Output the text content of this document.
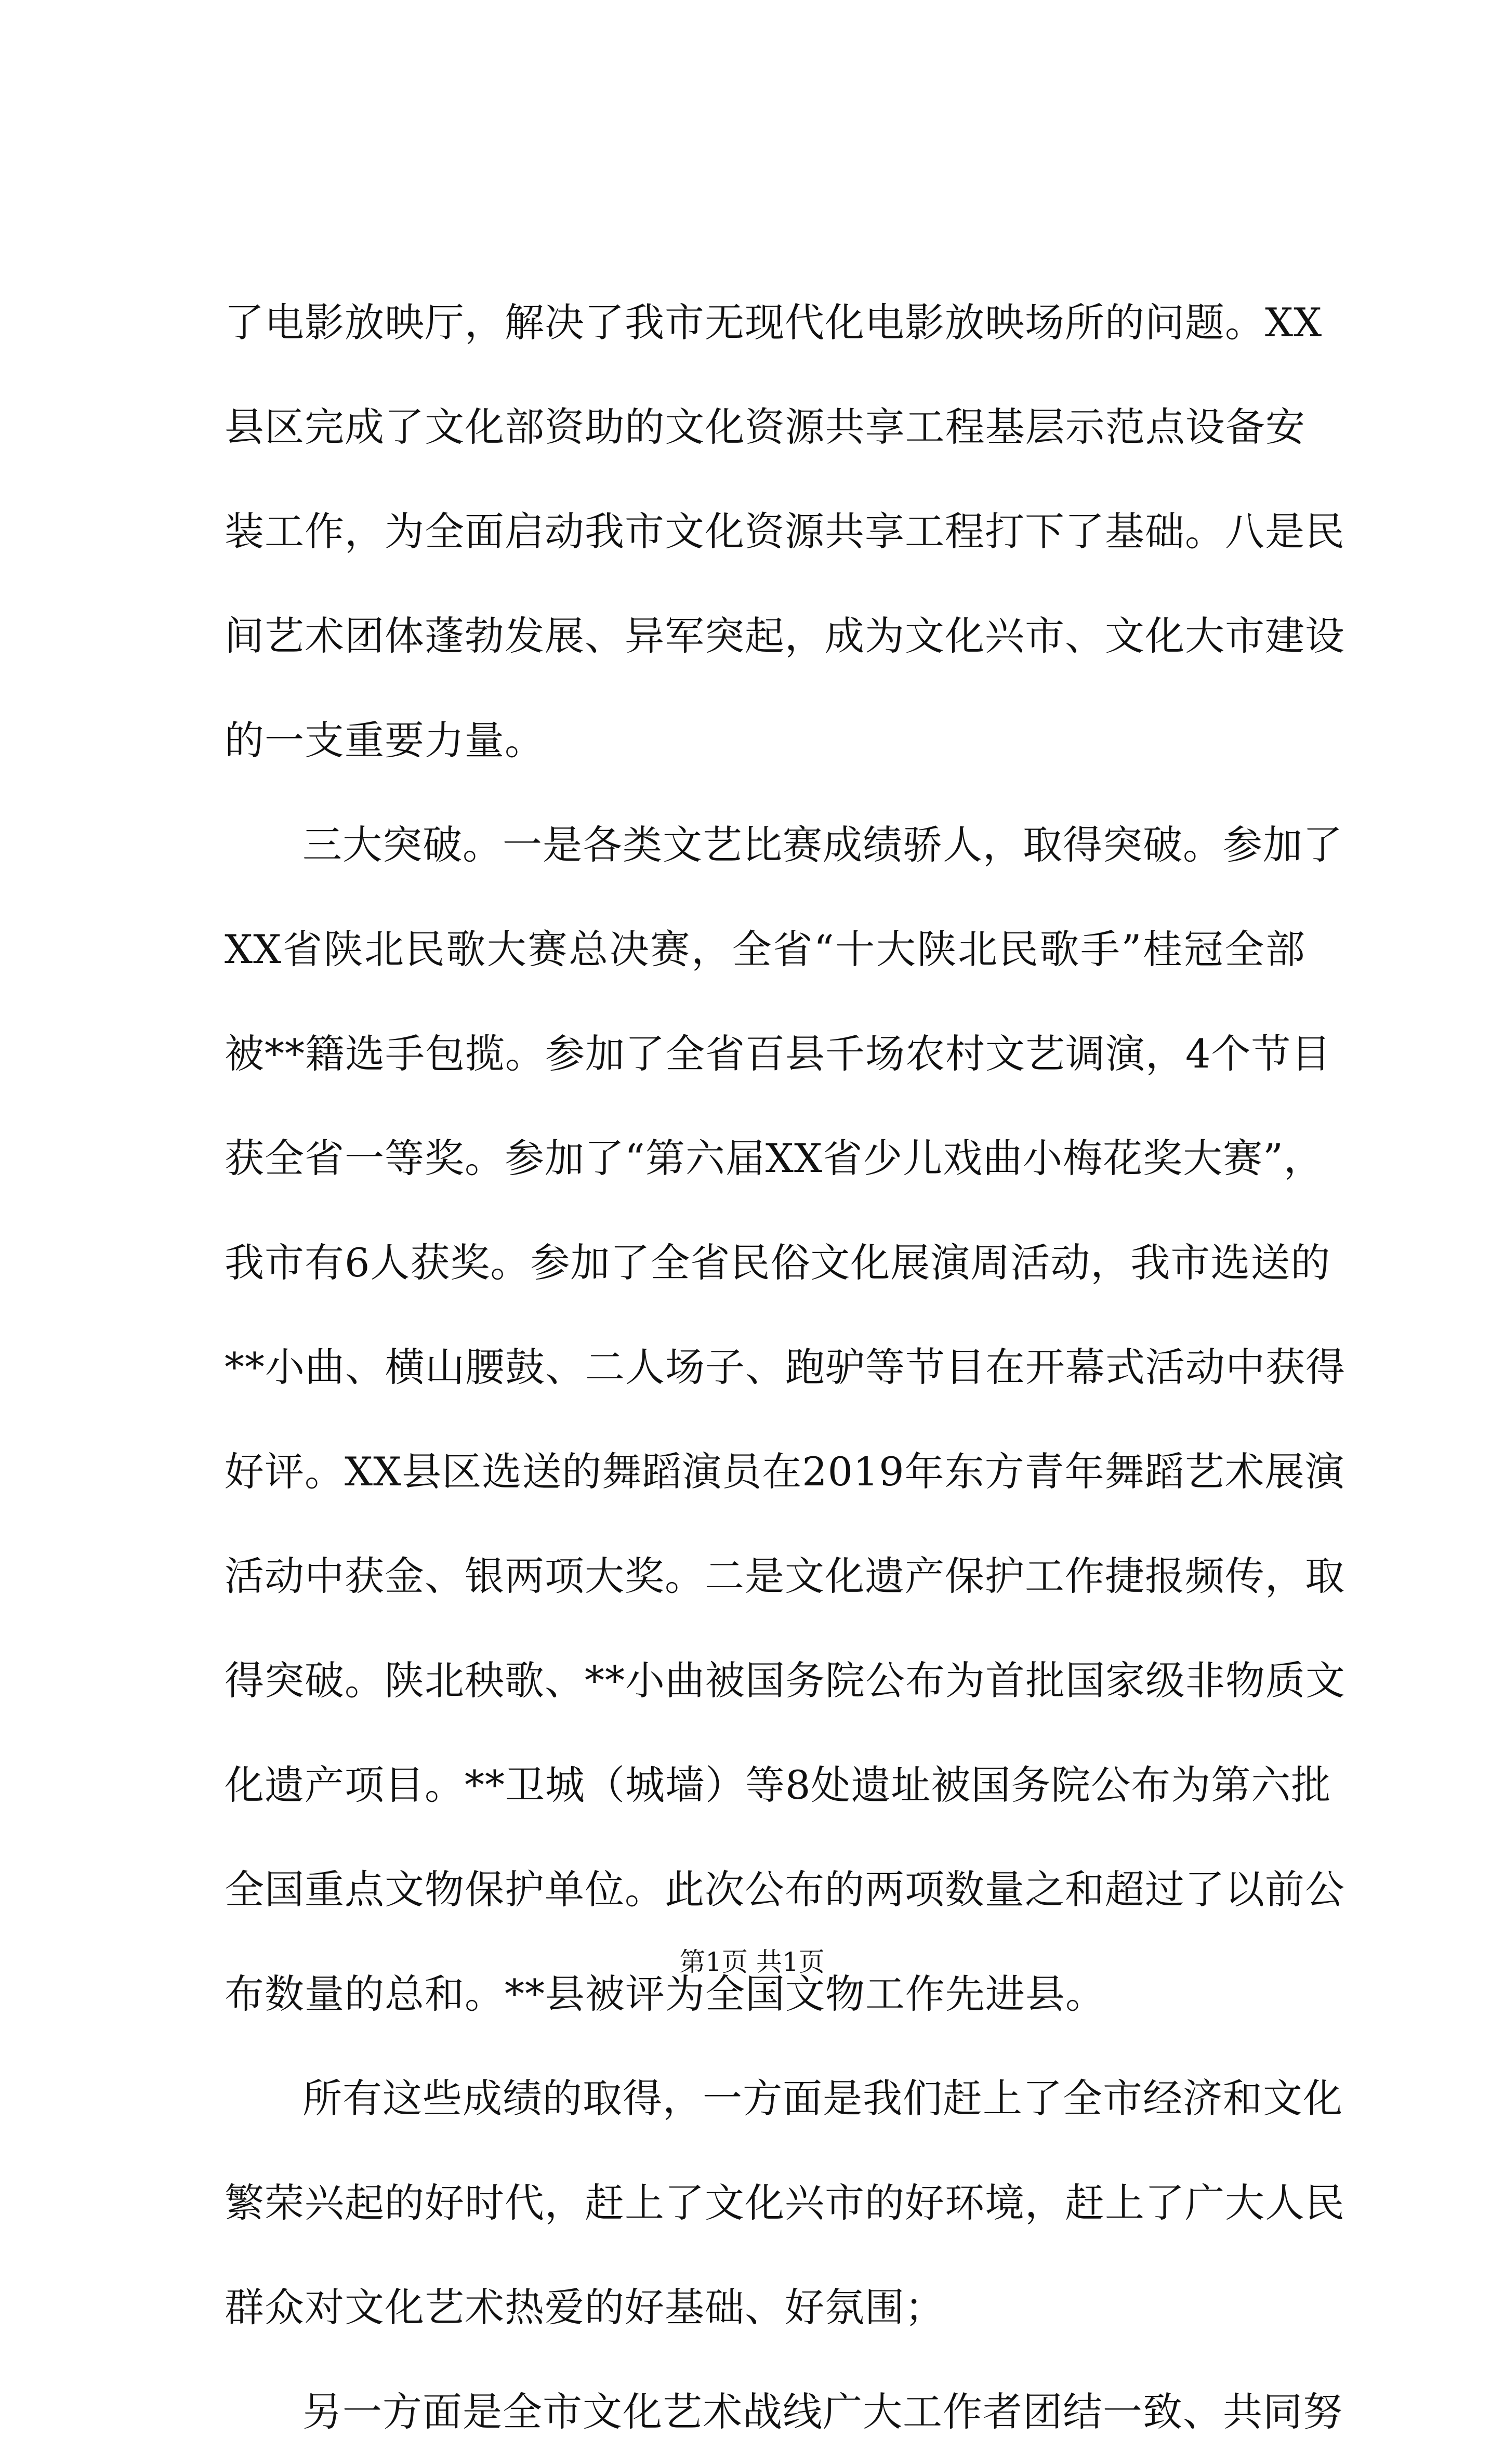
了电影放映厅，解决了我市无现代化电影放映场所的问题。XX
县区完成了文化部资助的文化资源共享工程基层示范点设备安
装工作，为全面启动我市文化资源共享工程打下了基础。八是民
间艺术团体蓬勃发展、异军突起，成为文化兴市、文化大市建设
的一支重要力量。
三大突破。一是各类文艺比赛成绩骄人，取得突破。参加了
XX省陕北民歌大赛总决赛，全省“十大陕北民歌手”桂冠全部
被**籍选手包揽。参加了全省百县千场农村文艺调演，4个节目
获全省一等奖。参加了“第六届XX省少儿戏曲小梅花奖大赛”，
我市有6人获奖。参加了全省民俗文化展演周活动，我市选送的
**小曲、横山腰鼓、二人场子、跑驴等节目在开幕式活动中获得
好评。XX县区选送的舞蹈演员在2019年东方青年舞蹈艺术展演
活动中获金、银两项大奖。二是文化遗产保护工作捷报频传，取
得突破。陕北秧歌、**小曲被国务院公布为首批国家级非物质文
化遗产项目。**卫城（城墙）等8处遗址被国务院公布为第六批
全国重点文物保护单位。此次公布的两项数量之和超过了以前公
布数量的总和。**县被评为全国文物工作先进县。
所有这些成绩的取得，一方面是我们赶上了全市经济和文化
繁荣兴起的好时代，赶上了文化兴市的好环境，赶上了广大人民
群众对文化艺术热爱的好基础、好氛围；
另一方面是全市文化艺术战线广大工作者团结一致、共同努
第1页 共1页
